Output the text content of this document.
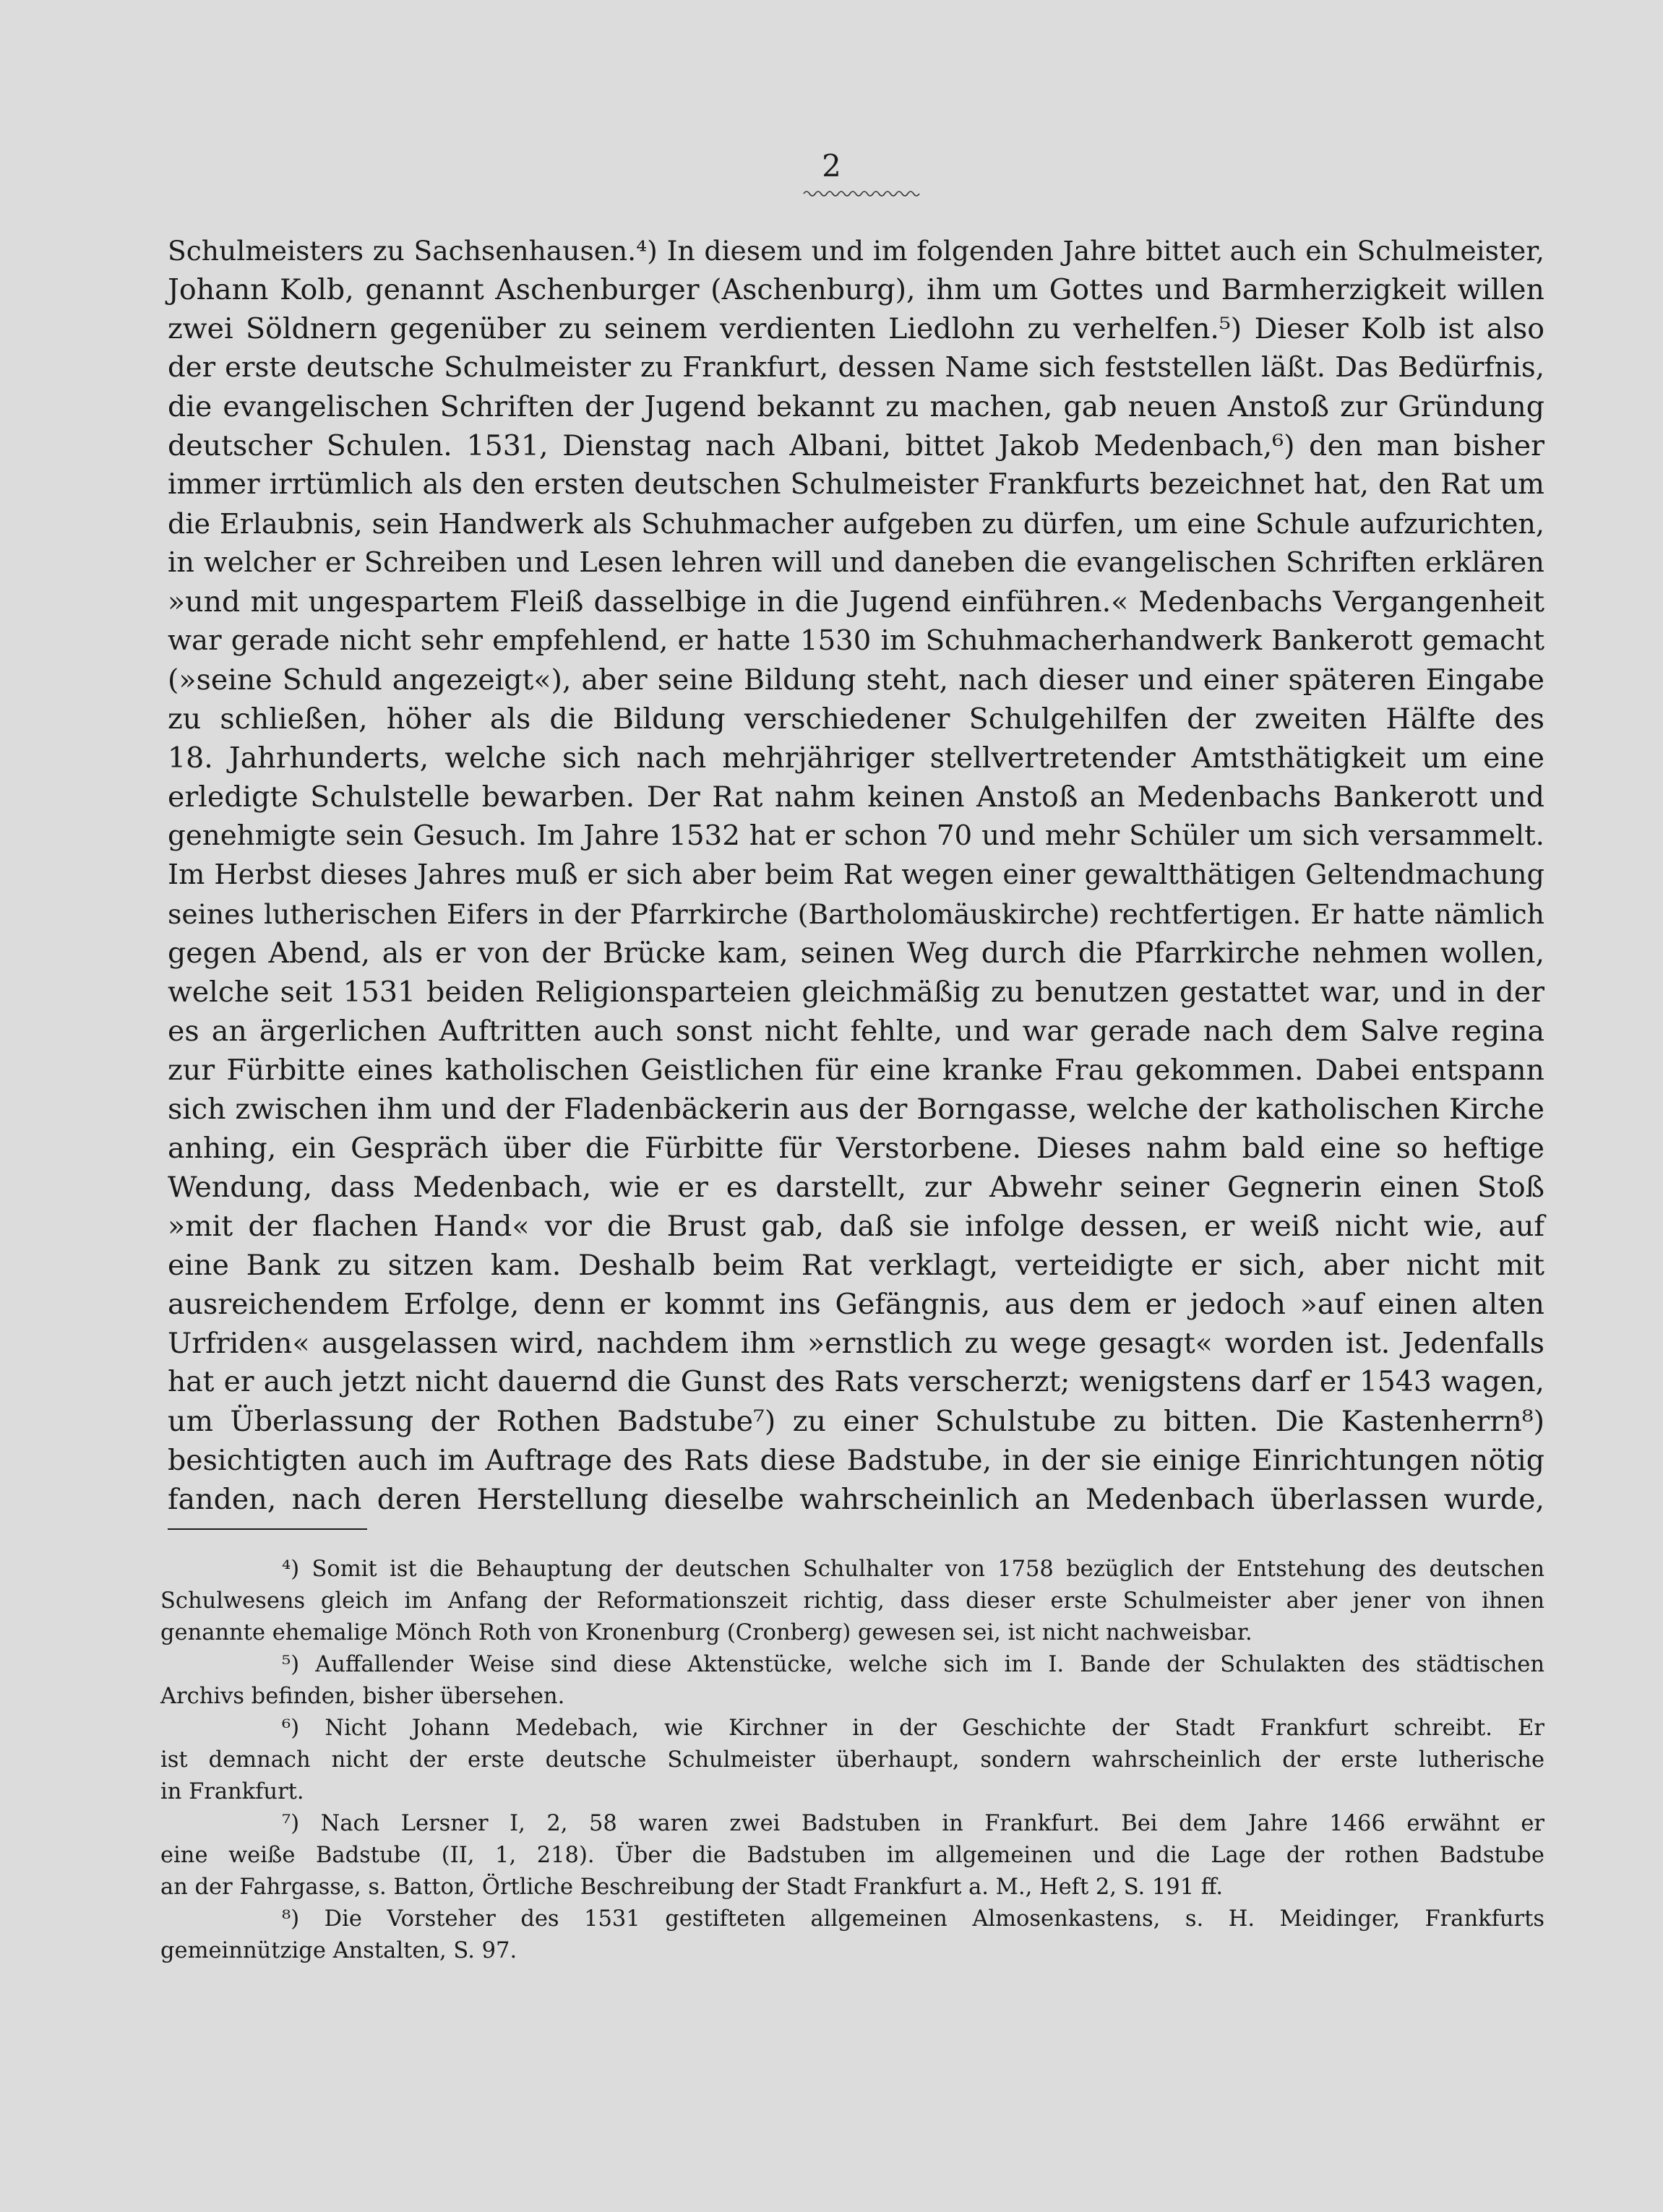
2
Schulmeisters zu Sachsenhausen.⁴) In diesem und im folgenden Jahre bittet auch ein Schulmeister,
Johann Kolb, genannt Aschenburger (Aschenburg), ihm um Gottes und Barmherzigkeit willen
zwei Söldnern gegenüber zu seinem verdienten Liedlohn zu verhelfen.⁵) Dieser Kolb ist also
der erste deutsche Schulmeister zu Frankfurt, dessen Name sich feststellen läßt. Das Bedürfnis,
die evangelischen Schriften der Jugend bekannt zu machen, gab neuen Anstoß zur Gründung
deutscher Schulen. 1531, Dienstag nach Albani, bittet Jakob Medenbach,⁶) den man bisher
immer irrtümlich als den ersten deutschen Schulmeister Frankfurts bezeichnet hat, den Rat um
die Erlaubnis, sein Handwerk als Schuhmacher aufgeben zu dürfen, um eine Schule aufzurichten,
in welcher er Schreiben und Lesen lehren will und daneben die evangelischen Schriften erklären
»und mit ungespartem Fleiß dasselbige in die Jugend einführen.« Medenbachs Vergangenheit
war gerade nicht sehr empfehlend, er hatte 1530 im Schuhmacherhandwerk Bankerott gemacht
(»seine Schuld angezeigt«), aber seine Bildung steht, nach dieser und einer späteren Eingabe
zu schließen, höher als die Bildung verschiedener Schulgehilfen der zweiten Hälfte des
18. Jahrhunderts, welche sich nach mehrjähriger stellvertretender Amtsthätigkeit um eine
erledigte Schulstelle bewarben. Der Rat nahm keinen Anstoß an Medenbachs Bankerott und
genehmigte sein Gesuch. Im Jahre 1532 hat er schon 70 und mehr Schüler um sich versammelt.
Im Herbst dieses Jahres muß er sich aber beim Rat wegen einer gewaltthätigen Geltendmachung
seines lutherischen Eifers in der Pfarrkirche (Bartholomäuskirche) rechtfertigen. Er hatte nämlich
gegen Abend, als er von der Brücke kam, seinen Weg durch die Pfarrkirche nehmen wollen,
welche seit 1531 beiden Religionsparteien gleichmäßig zu benutzen gestattet war, und in der
es an ärgerlichen Auftritten auch sonst nicht fehlte, und war gerade nach dem Salve regina
zur Fürbitte eines katholischen Geistlichen für eine kranke Frau gekommen. Dabei entspann
sich zwischen ihm und der Fladenbäckerin aus der Borngasse, welche der katholischen Kirche
anhing, ein Gespräch über die Fürbitte für Verstorbene. Dieses nahm bald eine so heftige
Wendung, dass Medenbach, wie er es darstellt, zur Abwehr seiner Gegnerin einen Stoß
»mit der flachen Hand« vor die Brust gab, daß sie infolge dessen, er weiß nicht wie, auf
eine Bank zu sitzen kam. Deshalb beim Rat verklagt, verteidigte er sich, aber nicht mit
ausreichendem Erfolge, denn er kommt ins Gefängnis, aus dem er jedoch »auf einen alten
Urfriden« ausgelassen wird, nachdem ihm »ernstlich zu wege gesagt« worden ist. Jedenfalls
hat er auch jetzt nicht dauernd die Gunst des Rats verscherzt; wenigstens darf er 1543 wagen,
um Überlassung der Rothen Badstube⁷) zu einer Schulstube zu bitten. Die Kastenherrn⁸)
besichtigten auch im Auftrage des Rats diese Badstube, in der sie einige Einrichtungen nötig
fanden, nach deren Herstellung dieselbe wahrscheinlich an Medenbach überlassen wurde,
⁴) Somit ist die Behauptung der deutschen Schulhalter von 1758 bezüglich der Entstehung des deutschen
Schulwesens gleich im Anfang der Reformationszeit richtig, dass dieser erste Schulmeister aber jener von ihnen
genannte ehemalige Mönch Roth von Kronenburg (Cronberg) gewesen sei, ist nicht nachweisbar.
⁵) Auffallender Weise sind diese Aktenstücke, welche sich im I. Bande der Schulakten des städtischen
Archivs befinden, bisher übersehen.
⁶) Nicht Johann Medebach, wie Kirchner in der Geschichte der Stadt Frankfurt schreibt. Er
ist demnach nicht der erste deutsche Schulmeister überhaupt, sondern wahrscheinlich der erste lutherische
in Frankfurt.
⁷) Nach Lersner I, 2, 58 waren zwei Badstuben in Frankfurt. Bei dem Jahre 1466 erwähnt er
eine weiße Badstube (II, 1, 218). Über die Badstuben im allgemeinen und die Lage der rothen Badstube
an der Fahrgasse, s. Batton, Örtliche Beschreibung der Stadt Frankfurt a. M., Heft 2, S. 191 ff.
⁸) Die Vorsteher des 1531 gestifteten allgemeinen Almosenkastens, s. H. Meidinger, Frankfurts
gemeinnützige Anstalten, S. 97.
